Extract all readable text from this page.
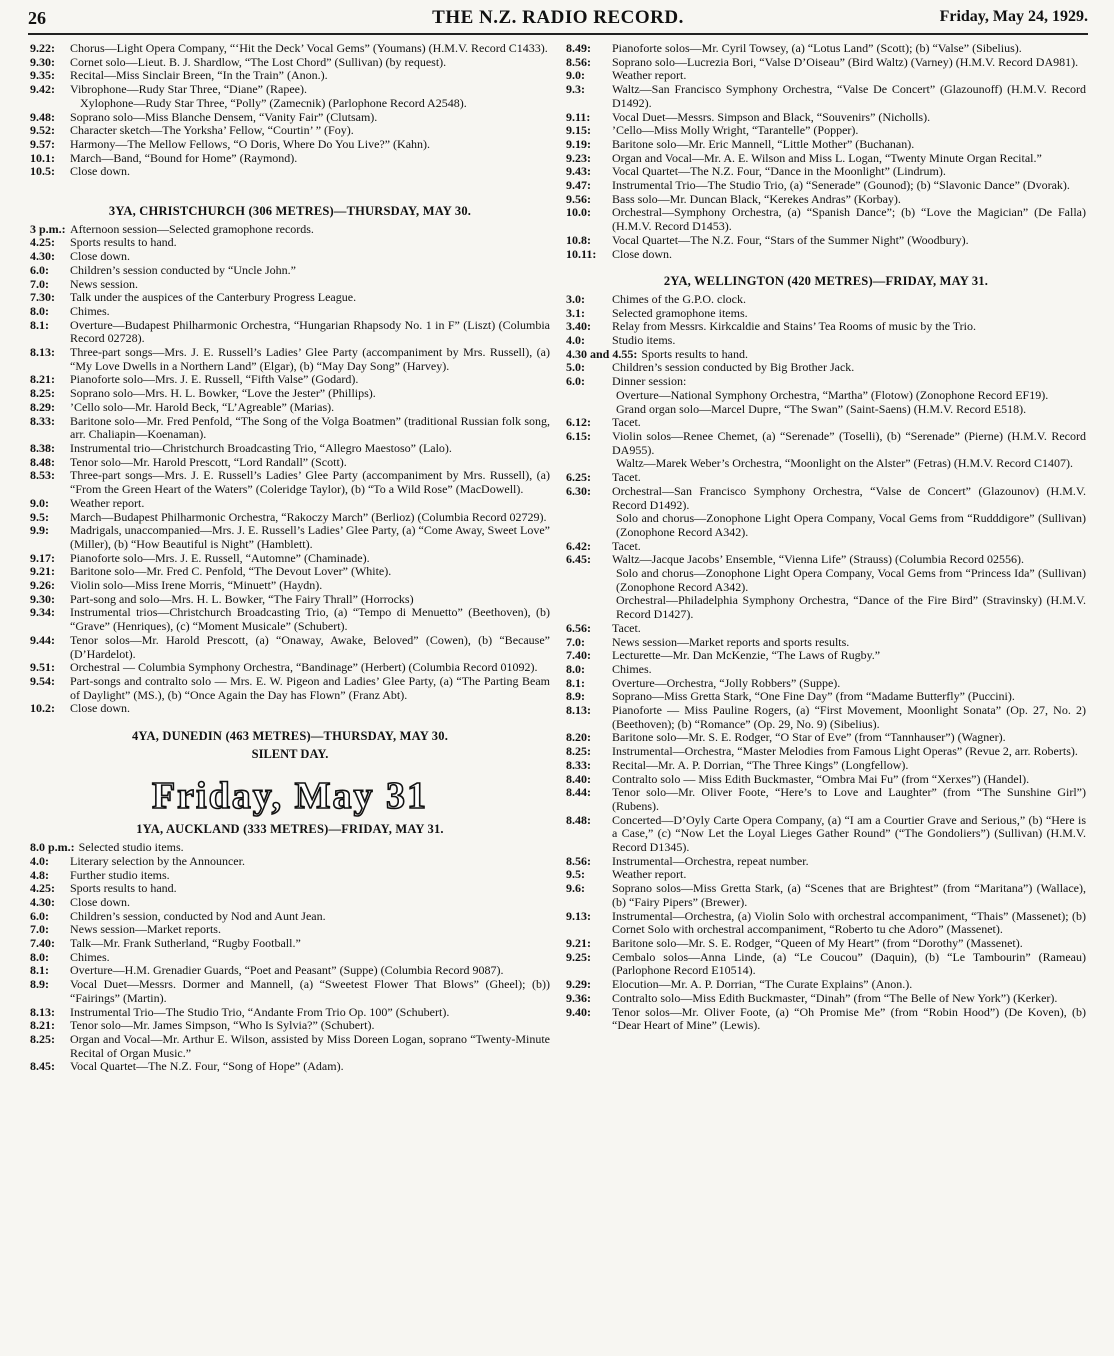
26	THE N.Z. RADIO RECORD.	Friday, May 24, 1929.
9.22:	Chorus—Light Opera Company, “‘Hit the Deck’ Vocal Gems” (Youmans) (H.M.V. Record C1433).
9.30:	Cornet solo—Lieut. B. J. Shardlow, “The Lost Chord” (Sullivan) (by request).
9.35:	Recital—Miss Sinclair Breen, “In the Train” (Anon.).
9.42:	Vibrophone—Rudy Star Three, “Diane” (Rapee).
Xylophone—Rudy Star Three, “Polly” (Zamecnik) (Parlophone Record A2548).
9.48:	Soprano solo—Miss Blanche Densem, “Vanity Fair” (Clutsam).
9.52:	Character sketch—The Yorksha’ Fellow, “Courtin’ ” (Foy).
9.57:	Harmony—The Mellow Fellows, “O Doris, Where Do You Live?” (Kahn).
10.1:	March—Band, “Bound for Home” (Raymond).
10.5:	Close down.
3YA, CHRISTCHURCH (306 METRES)—THURSDAY, MAY 30.
3 p.m.: Afternoon session—Selected gramophone records.
4.25:	Sports results to hand.
4.30:	Close down.
6.0:	Children’s session conducted by “Uncle John.”
7.0:	News session.
7.30:	Talk under the auspices of the Canterbury Progress League.
8.0:	Chimes.
8.1:	Overture—Budapest Philharmonic Orchestra, “Hungarian Rhapsody No. 1 in F” (Liszt) (Columbia Record 02728).
8.13:	Three-part songs—Mrs. J. E. Russell’s Ladies’ Glee Party (accompaniment by Mrs. Russell), (a) “My Love Dwells in a Northern Land” (Elgar), (b) “May Day Song” (Harvey).
8.21:	Pianoforte solo—Mrs. J. E. Russell, “Fifth Valse” (Godard).
8.25:	Soprano solo—Mrs. H. L. Bowker, “Love the Jester” (Phillips).
8.29:	’Cello solo—Mr. Harold Beck, “L’Agreable” (Marias).
8.33:	Baritone solo—Mr. Fred Penfold, “The Song of the Volga Boatmen” (traditional Russian folk song, arr. Chaliapin—Koenaman).
8.38:	Instrumental trio—Christchurch Broadcasting Trio, “Allegro Maestoso” (Lalo).
8.48:	Tenor solo—Mr. Harold Prescott, “Lord Randall” (Scott).
8.53:	Three-part songs—Mrs. J. E. Russell’s Ladies’ Glee Party (accompaniment by Mrs. Russell), (a) “From the Green Heart of the Waters” (Coleridge Taylor), (b) “To a Wild Rose” (MacDowell).
9.0:	Weather report.
9.5:	March—Budapest Philharmonic Orchestra, “Rakoczy March” (Berlioz) (Columbia Record 02729).
9.9:	Madrigals, unaccompanied—Mrs. J. E. Russell’s Ladies’ Glee Party, (a) “Come Away, Sweet Love” (Miller), (b) “How Beautiful is Night” (Hamblett).
9.17:	Pianoforte solo—Mrs. J. E. Russell, “Automne” (Chaminade).
9.21:	Baritone solo—Mr. Fred C. Penfold, “The Devout Lover” (White).
9.26:	Violin solo—Miss Irene Morris, “Minuett” (Haydn).
9.30:	Part-song and solo—Mrs. H. L. Bowker, “The Fairy Thrall” (Horrocks)
9.34:	Instrumental trios—Christchurch Broadcasting Trio, (a) “Tempo di Menuetto” (Beethoven), (b) “Grave” (Henriques), (c) “Moment Musicale” (Schubert).
9.44:	Tenor solos—Mr. Harold Prescott, (a) “Onaway, Awake, Beloved” (Cowen), (b) “Because” (D’Hardelot).
9.51:	Orchestral — Columbia Symphony Orchestra, “Bandinage” (Herbert) (Columbia Record 01092).
9.54:	Part-songs and contralto solo — Mrs. E. W. Pigeon and Ladies’ Glee Party, (a) “The Parting Beam of Daylight” (MS.), (b) “Once Again the Day has Flown” (Franz Abt).
10.2:	Close down.
4YA, DUNEDIN (463 METRES)—THURSDAY, MAY 30.
SILENT DAY.
Friday, May 31
1YA, AUCKLAND (333 METRES)—FRIDAY, MAY 31.
8.0 p.m.: Selected studio items.
4.0:	Literary selection by the Announcer.
4.8:	Further studio items.
4.25:	Sports results to hand.
4.30:	Close down.
6.0:	Children’s session, conducted by Nod and Aunt Jean.
7.0:	News session—Market reports.
7.40:	Talk—Mr. Frank Sutherland, “Rugby Football.”
8.0:	Chimes.
8.1:	Overture—H.M. Grenadier Guards, “Poet and Peasant” (Suppe) (Columbia Record 9087).
8.9:	Vocal Duet—Messrs. Dormer and Mannell, (a) “Sweetest Flower That Blows” (Gheel); (b)) “Fairings” (Martin).
8.13:	Instrumental Trio—The Studio Trio, “Andante From Trio Op. 100” (Schubert).
8.21:	Tenor solo—Mr. James Simpson, “Who Is Sylvia?” (Schubert).
8.25:	Organ and Vocal—Mr. Arthur E. Wilson, assisted by Miss Doreen Logan, soprano “Twenty-Minute Recital of Organ Music.”
8.45:	Vocal Quartet—The N.Z. Four, “Song of Hope” (Adam).
8.49:	Pianoforte solos—Mr. Cyril Towsey, (a) “Lotus Land” (Scott); (b) “Valse” (Sibelius).
8.56:	Soprano solo—Lucrezia Bori, “Valse D’Oiseau” (Bird Waltz) (Varney) (H.M.V. Record DA981).
9.0:	Weather report.
9.3:	Waltz—San Francisco Symphony Orchestra, “Valse De Concert” (Glazounoff) (H.M.V. Record D1492).
9.11:	Vocal Duet—Messrs. Simpson and Black, “Souvenirs” (Nicholls).
9.15:	’Cello—Miss Molly Wright, “Tarantelle” (Popper).
9.19:	Baritone solo—Mr. Eric Mannell, “Little Mother” (Buchanan).
9.23:	Organ and Vocal—Mr. A. E. Wilson and Miss L. Logan, “Twenty Minute Organ Recital.”
9.43:	Vocal Quartet—The N.Z. Four, “Dance in the Moonlight” (Lindrum).
9.47:	Instrumental Trio—The Studio Trio, (a) “Senerade” (Gounod); (b) “Slavonic Dance” (Dvorak).
9.56:	Bass solo—Mr. Duncan Black, “Kerekes Andras” (Korbay).
10.0:	Orchestral—Symphony Orchestra, (a) “Spanish Dance”; (b) “Love the Magician” (De Falla) (H.M.V. Record D1453).
10.8:	Vocal Quartet—The N.Z. Four, “Stars of the Summer Night” (Woodbury).
10.11:	Close down.
2YA, WELLINGTON (420 METRES)—FRIDAY, MAY 31.
3.0:	Chimes of the G.P.O. clock.
3.1:	Selected gramophone items.
3.40:	Relay from Messrs. Kirkcaldie and Stains’ Tea Rooms of music by the Trio.
4.0:	Studio items.
4.30 and 4.55: Sports results to hand.
5.0:	Children’s session conducted by Big Brother Jack.
6.0:	Dinner session:
Overture—National Symphony Orchestra, “Martha” (Flotow) (Zonophone Record EF19).
Grand organ solo—Marcel Dupre, “The Swan” (Saint-Saens) (H.M.V. Record E518).
6.12:	Tacet.
6.15:	Violin solos—Renee Chemet, (a) “Serenade” (Toselli), (b) “Serenade” (Pierne) (H.M.V. Record DA955).
Waltz—Marek Weber’s Orchestra, “Moonlight on the Alster” (Fetras) (H.M.V. Record C1407).
6.25:	Tacet.
6.30:	Orchestral—San Francisco Symphony Orchestra, “Valse de Concert” (Glazounov) (H.M.V. Record D1492).
Solo and chorus—Zonophone Light Opera Company, Vocal Gems from “Rudddigore” (Sullivan) (Zonophone Record A342).
6.42:	Tacet.
6.45:	Waltz—Jacque Jacobs’ Ensemble, “Vienna Life” (Strauss) (Columbia Record 02556).
Solo and chorus—Zonophone Light Opera Company, Vocal Gems from “Princess Ida” (Sullivan) (Zonophone Record A342).
Orchestral—Philadelphia Symphony Orchestra, “Dance of the Fire Bird” (Stravinsky) (H.M.V. Record D1427).
6.56:	Tacet.
7.0:	News session—Market reports and sports results.
7.40:	Lecturette—Mr. Dan McKenzie, “The Laws of Rugby.”
8.0:	Chimes.
8.1:	Overture—Orchestra, “Jolly Robbers” (Suppe).
8.9:	Soprano—Miss Gretta Stark, “One Fine Day” (from “Madame Butterfly” (Puccini).
8.13:	Pianoforte — Miss Pauline Rogers, (a) “First Movement, Moonlight Sonata” (Op. 27, No. 2) (Beethoven); (b) “Romance” (Op. 29, No. 9) (Sibelius).
8.20:	Baritone solo—Mr. S. E. Rodger, “O Star of Eve” (from “Tannhauser”) (Wagner).
8.25:	Instrumental—Orchestra, “Master Melodies from Famous Light Operas” (Revue 2, arr. Roberts).
8.33:	Recital—Mr. A. P. Dorrian, “The Three Kings” (Longfellow).
8.40:	Contralto solo — Miss Edith Buckmaster, “Ombra Mai Fu” (from “Xerxes”) (Handel).
8.44:	Tenor solo—Mr. Oliver Foote, “Here’s to Love and Laughter” (from “The Sunshine Girl”) (Rubens).
8.48:	Concerted—D’Oyly Carte Opera Company, (a) “I am a Courtier Grave and Serious,” (b) “Here is a Case,” (c) “Now Let the Loyal Lieges Gather Round” (“The Gondoliers”) (Sullivan) (H.M.V. Record D1345).
8.56:	Instrumental—Orchestra, repeat number.
9.5:	Weather report.
9.6:	Soprano solos—Miss Gretta Stark, (a) “Scenes that are Brightest” (from “Maritana”) (Wallace), (b) “Fairy Pipers” (Brewer).
9.13:	Instrumental—Orchestra, (a) Violin Solo with orchestral accompaniment, “Thais” (Massenet); (b) Cornet Solo with orchestral accompaniment, “Roberto tu che Adoro” (Massenet).
9.21:	Baritone solo—Mr. S. E. Rodger, “Queen of My Heart” (from “Dorothy” (Massenet).
9.25:	Cembalo solos—Anna Linde, (a) “Le Coucou” (Daquin), (b) “Le Tambourin” (Rameau) (Parlophone Record E10514).
9.29:	Elocution—Mr. A. P. Dorrian, “The Curate Explains” (Anon.).
9.36:	Contralto solo—Miss Edith Buckmaster, “Dinah” (from “The Belle of New York”) (Kerker).
9.40:	Tenor solos—Mr. Oliver Foote, (a) “Oh Promise Me” (from “Robin Hood”) (De Koven), (b) “Dear Heart of Mine” (Lewis).
